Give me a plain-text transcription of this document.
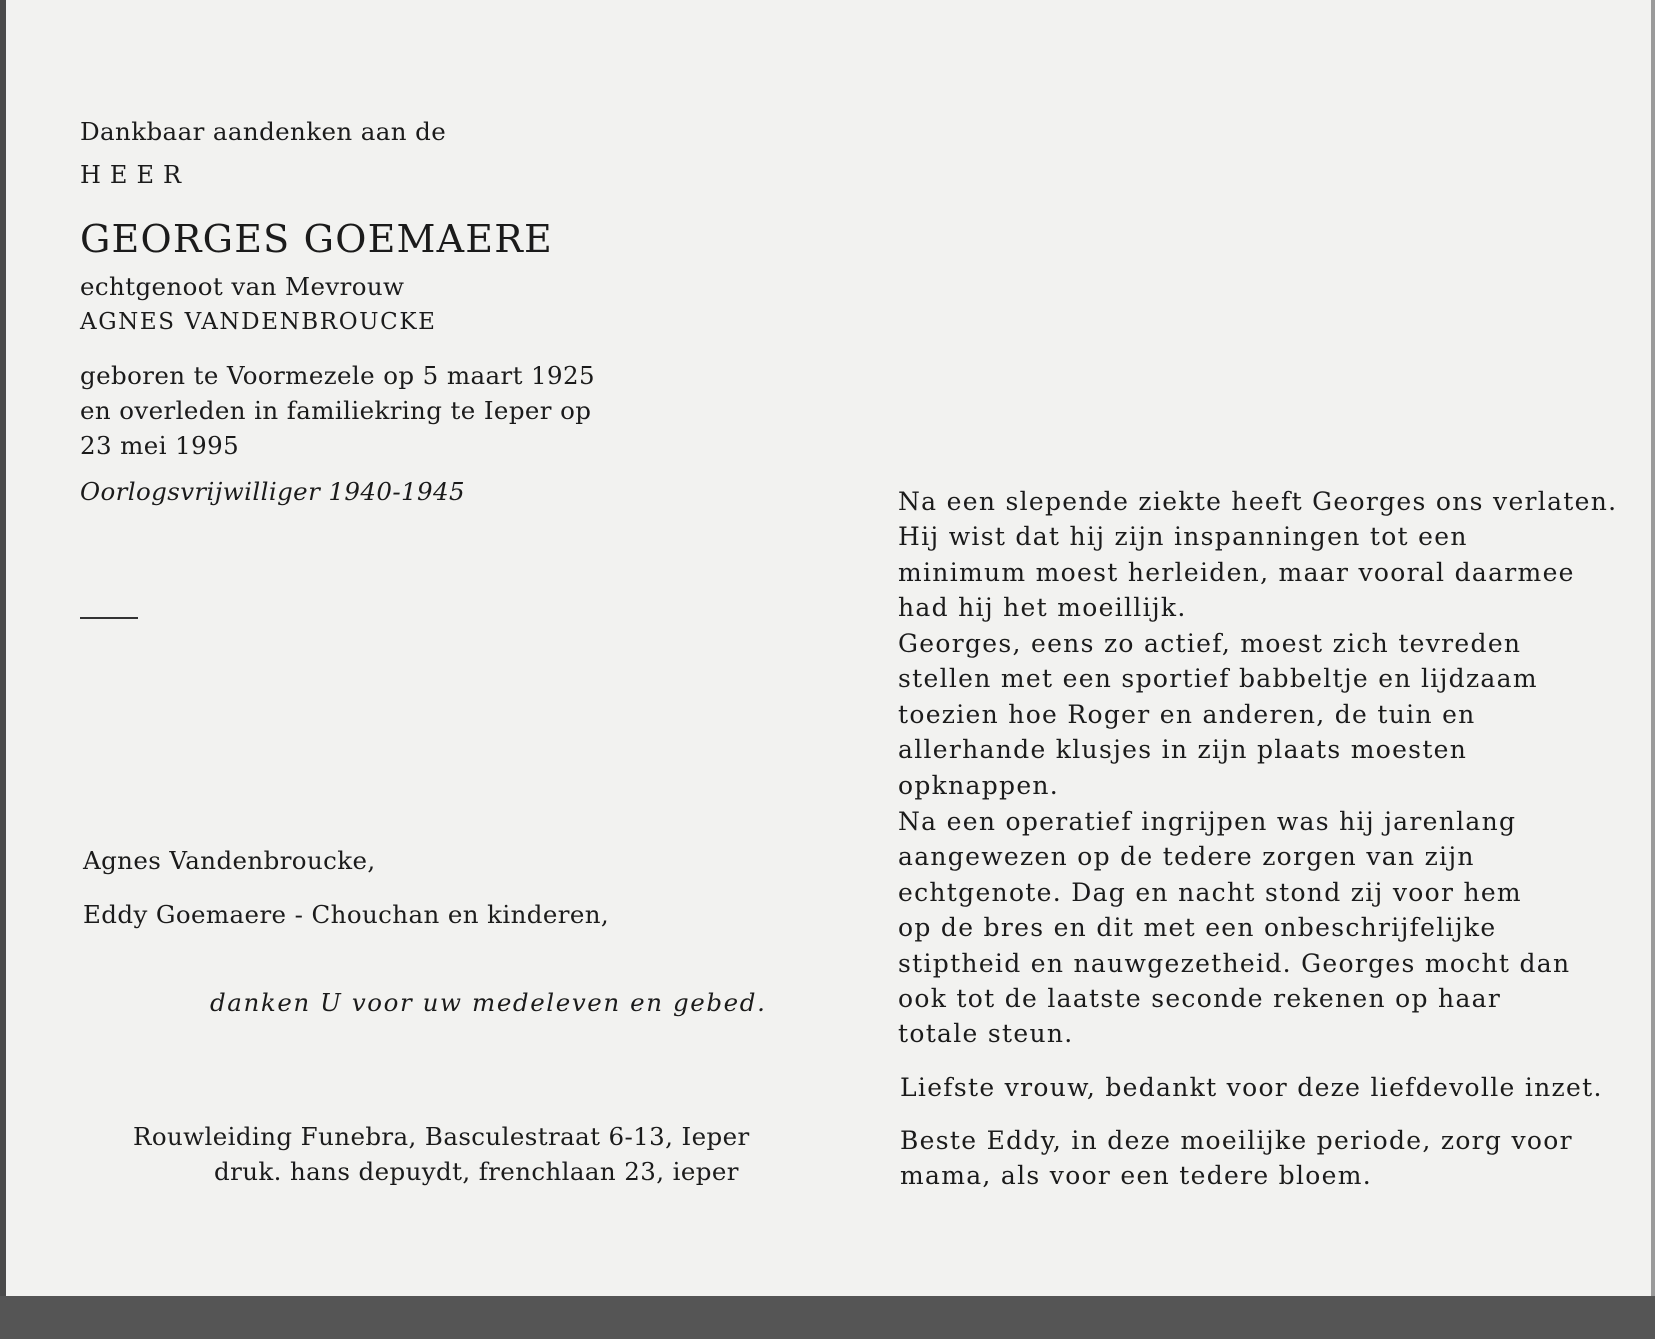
Dankbaar aandenken aan de
HEER
GEORGES GOEMAERE
echtgenoot van Mevrouw
AGNES VANDENBROUCKE
geboren te Voormezele op 5 maart 1925
en overleden in familiekring te Ieper op
23 mei 1995
Oorlogsvrijwilliger 1940-1945
Agnes Vandenbroucke,
Eddy Goemaere - Chouchan en kinderen,
danken U voor uw medeleven en gebed.
Rouwleiding Funebra, Basculestraat 6-13, Ieper
druk. hans depuydt, frenchlaan 23, ieper
Na een slepende ziekte heeft Georges ons verlaten.
Hij wist dat hij zijn inspanningen tot een
minimum moest herleiden, maar vooral daarmee
had hij het moeillijk.
Georges, eens zo actief, moest zich tevreden
stellen met een sportief babbeltje en lijdzaam
toezien hoe Roger en anderen, de tuin en
allerhande klusjes in zijn plaats moesten
opknappen.
Na een operatief ingrijpen was hij jarenlang
aangewezen op de tedere zorgen van zijn
echtgenote. Dag en nacht stond zij voor hem
op de bres en dit met een onbeschrijfelijke
stiptheid en nauwgezetheid. Georges mocht dan
ook tot de laatste seconde rekenen op haar
totale steun.
Liefste vrouw, bedankt voor deze liefdevolle inzet.
Beste Eddy, in deze moeilijke periode, zorg voor
mama, als voor een tedere bloem.
